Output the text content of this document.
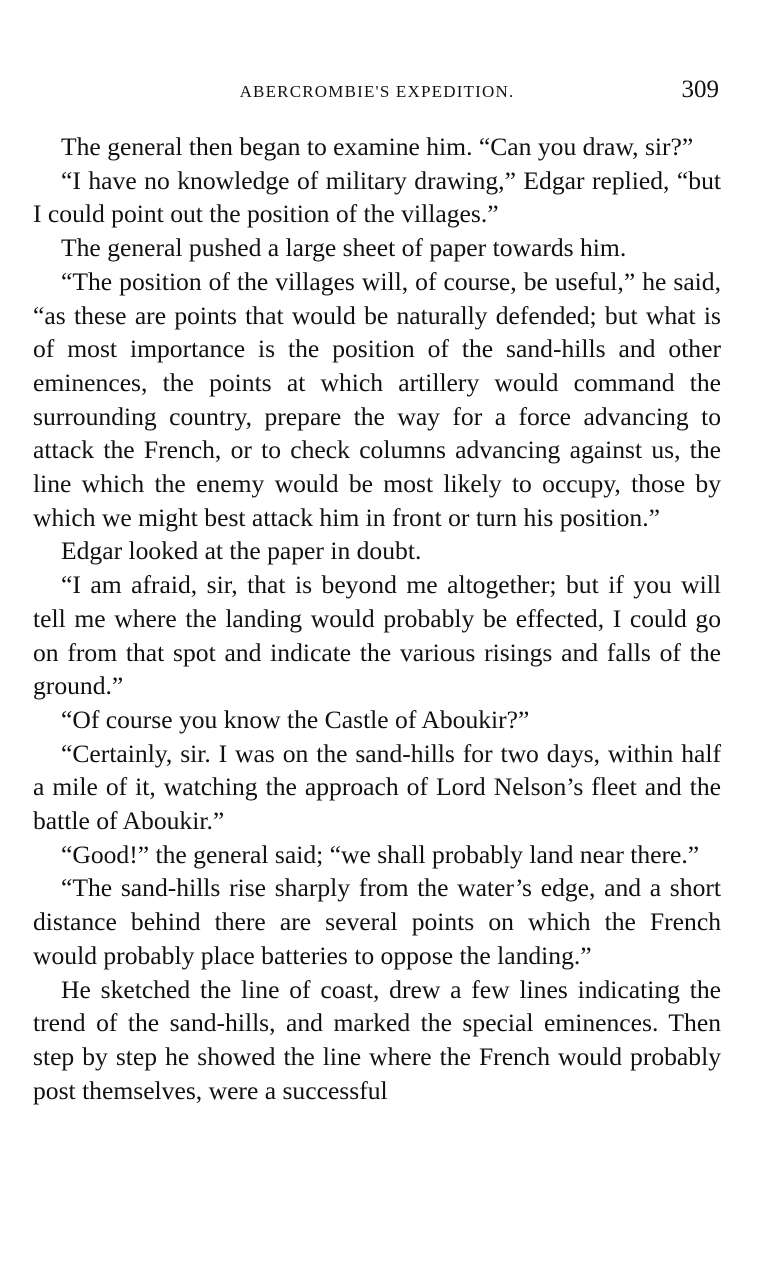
ABERCROMBIE'S EXPEDITION.	309

The general then began to examine him. “Can you draw, sir?”

“I have no knowledge of military drawing,” Edgar replied, “but I could point out the position of the villages.”

The general pushed a large sheet of paper towards him.

“The position of the villages will, of course, be useful,” he said, “as these are points that would be naturally defended; but what is of most importance is the position of the sand-hills and other eminences, the points at which artillery would command the surrounding country, prepare the way for a force advancing to attack the French, or to check columns advancing against us, the line which the enemy would be most likely to occupy, those by which we might best attack him in front or turn his position.”

Edgar looked at the paper in doubt.

“I am afraid, sir, that is beyond me altogether; but if you will tell me where the landing would probably be effected, I could go on from that spot and indicate the various risings and falls of the ground.”

“Of course you know the Castle of Aboukir?”

“Certainly, sir. I was on the sand-hills for two days, within half a mile of it, watching the approach of Lord Nelson’s fleet and the battle of Aboukir.”

“Good!” the general said; “we shall probably land near there.”

“The sand-hills rise sharply from the water’s edge, and a short distance behind there are several points on which the French would probably place batteries to oppose the landing.”

He sketched the line of coast, drew a few lines indicating the trend of the sand-hills, and marked the special eminences. Then step by step he showed the line where the French would probably post themselves, were a successful
